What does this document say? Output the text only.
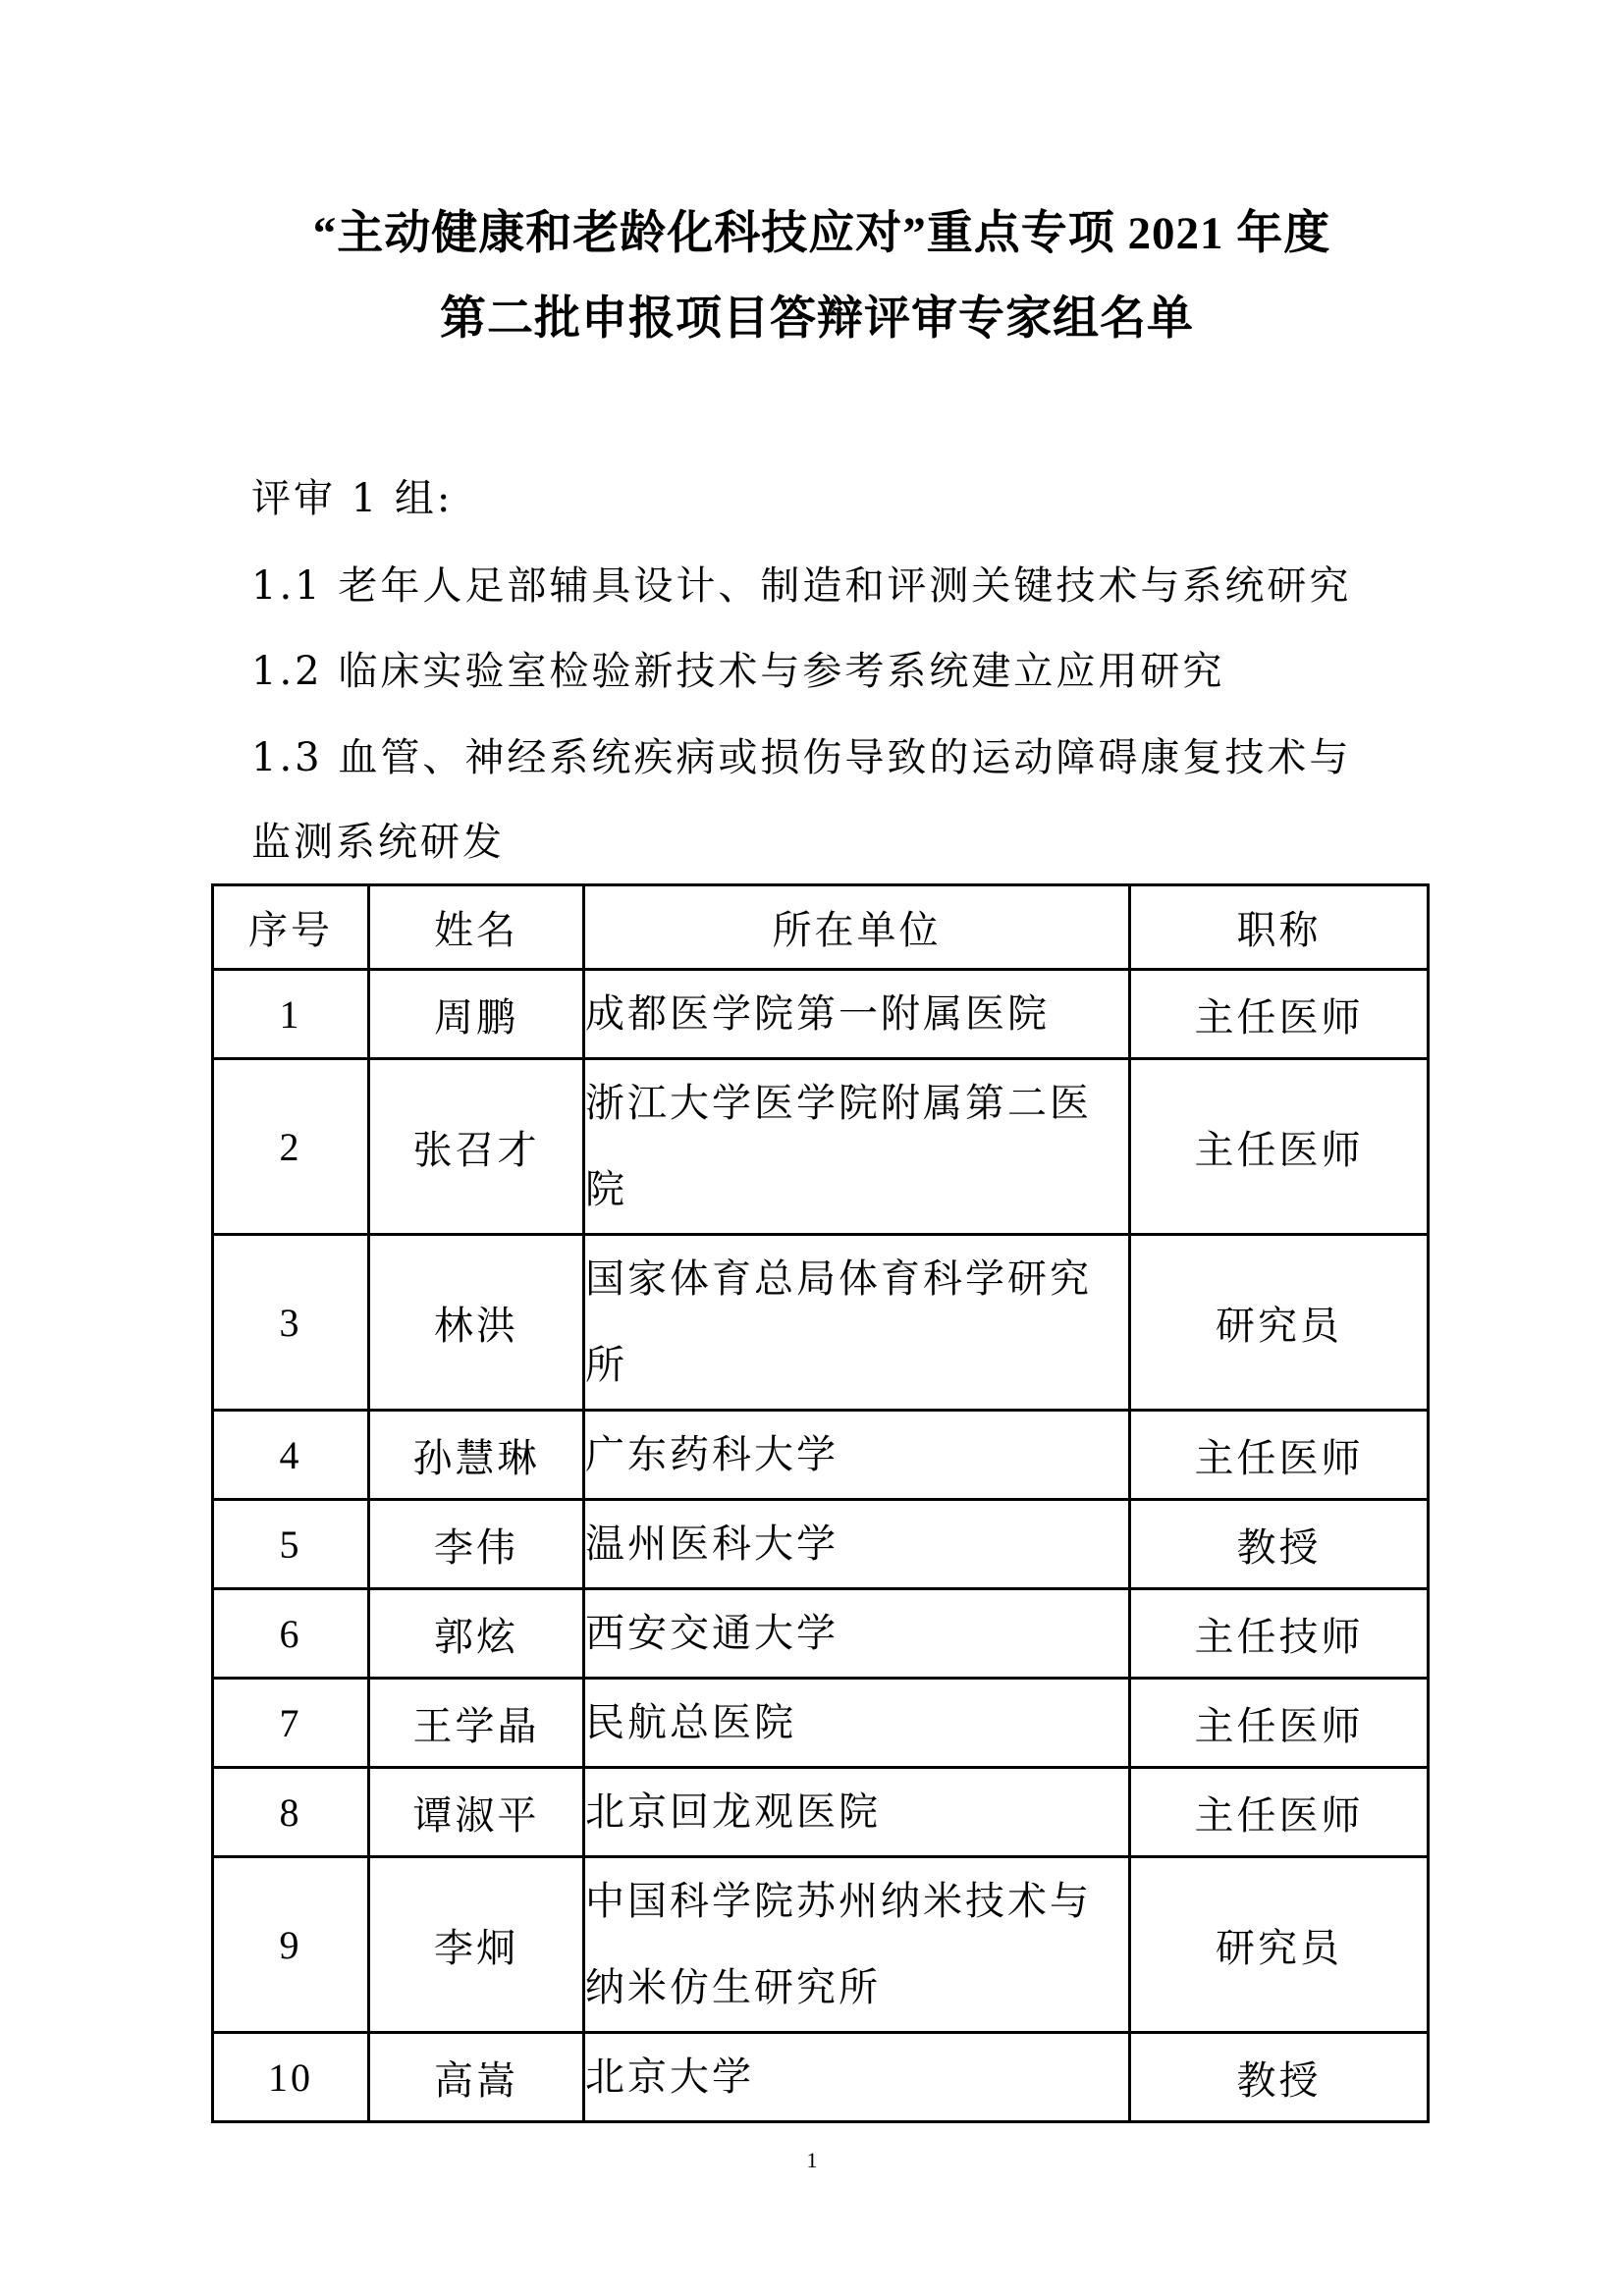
“主动健康和老龄化科技应对”重点专项 2021 年度
第二批申报项目答辩评审专家组名单
评审 1 组:
1.1 老年人足部辅具设计、制造和评测关键技术与系统研究
1.2 临床实验室检验新技术与参考系统建立应用研究
1.3 血管、神经系统疾病或损伤导致的运动障碍康复技术与
监测系统研发
序号	姓名	所在单位	职称
1	周鹏	成都医学院第一附属医院	主任医师
2	张召才	浙江大学医学院附属第二医院	主任医师
3	林洪	国家体育总局体育科学研究所	研究员
4	孙慧琳	广东药科大学	主任医师
5	李伟	温州医科大学	教授
6	郭炫	西安交通大学	主任技师
7	王学晶	民航总医院	主任医师
8	谭淑平	北京回龙观医院	主任医师
9	李炯	中国科学院苏州纳米技术与纳米仿生研究所	研究员
10	高嵩	北京大学	教授
1
